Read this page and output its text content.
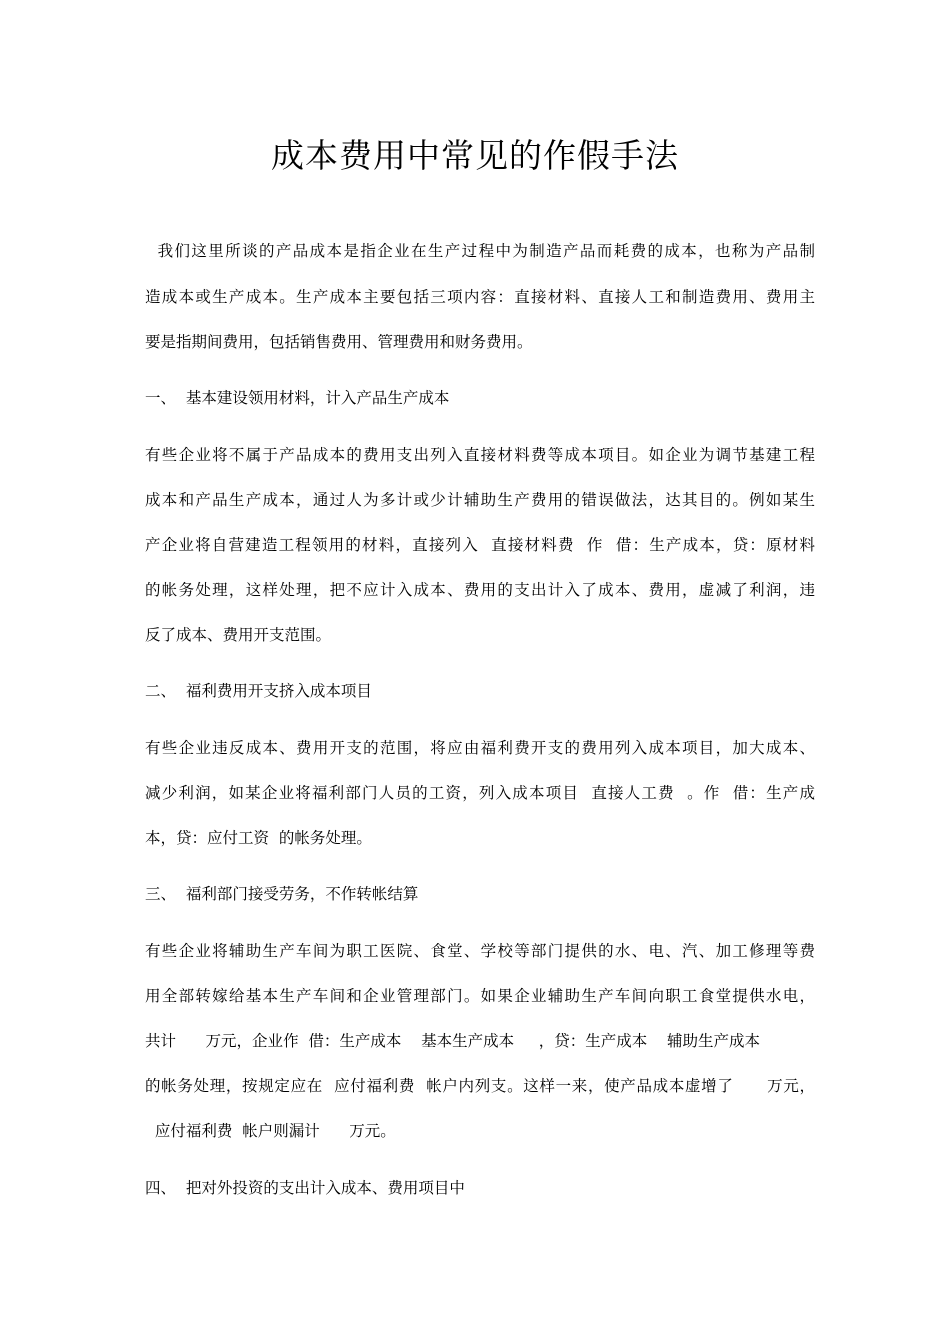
成本费用中常见的作假手法
我们这里所谈的产品成本是指企业在生产过程中为制造产品而耗费的成本，也称为产品制
造成本或生产成本。生产成本主要包括三项内容：直接材料、直接人工和制造费用、费用主
要是指期间费用，包括销售费用、管理费用和财务费用。
一、  基本建设领用材料，计入产品生产成本
有些企业将不属于产品成本的费用支出列入直接材料费等成本项目。如企业为调节基建工程
成本和产品生产成本，通过人为多计或少计辅助生产费用的错误做法，达其目的。例如某生
产企业将自营建造工程领用的材料，直接列入  直接材料费  作  借：生产成本，贷：原材料
的帐务处理，这样处理，把不应计入成本、费用的支出计入了成本、费用，虚减了利润，违
反了成本、费用开支范围。
二、  福利费用开支挤入成本项目
有些企业违反成本、费用开支的范围，将应由福利费开支的费用列入成本项目，加大成本、
减少利润，如某企业将福利部门人员的工资，列入成本项目  直接人工费  。作  借：生产成
本，贷：应付工资  的帐务处理。
三、  福利部门接受劳务，不作转帐结算
有些企业将辅助生产车间为职工医院、食堂、学校等部门提供的水、电、汽、加工修理等费
用全部转嫁给基本生产车间和企业管理部门。如果企业辅助生产车间向职工食堂提供水电，
共计      万元，企业作  借：生产成本    基本生产成本     ，贷：生产成本    辅助生产成本
的帐务处理，按规定应在  应付福利费  帐户内列支。这样一来，使产品成本虚增了      万元，
应付福利费  帐户则漏计      万元。
四、  把对外投资的支出计入成本、费用项目中
